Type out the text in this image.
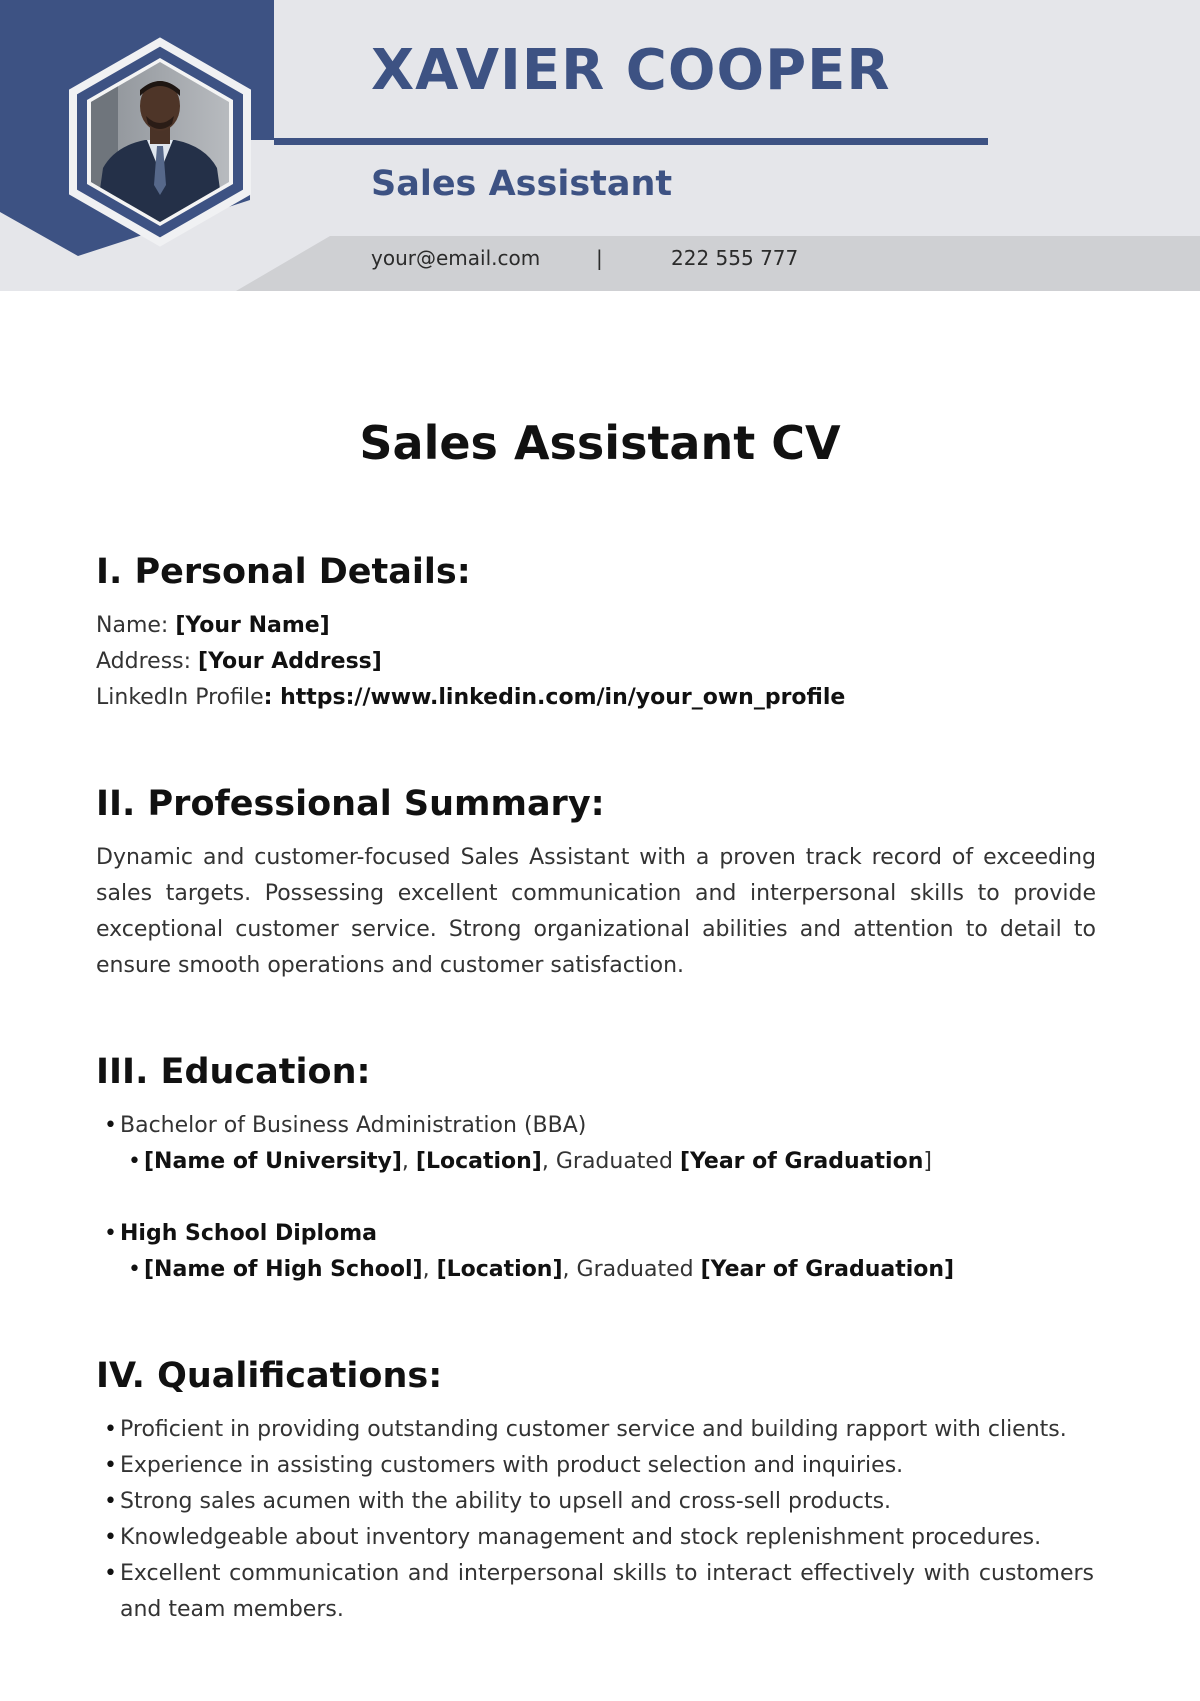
XAVIER COOPER
Sales Assistant
your@email.com	|	222 555 777
Sales Assistant CV
I. Personal Details:

Name: [Your Name]

Address: [Your Address]

LinkedIn Profile: https://www.linkedin.com/in/your_own_profile

II. Professional Summary:

Dynamic and customer-focused Sales Assistant with a proven track record of exceeding sales targets. Possessing excellent communication and interpersonal skills to provide exceptional customer service. Strong organizational abilities and attention to detail to ensure smooth operations and customer satisfaction.

III. Education:
• Bachelor of Business Administration (BBA)
• [Name of University], [Location], Graduated [Year of Graduation]
• High School Diploma
• [Name of High School], [Location], Graduated [Year of Graduation]
IV. Qualifications:
• Proficient in providing outstanding customer service and building rapport with clients.
• Experience in assisting customers with product selection and inquiries.
• Strong sales acumen with the ability to upsell and cross-sell products.
• Knowledgeable about inventory management and stock replenishment procedures.
• Excellent communication and interpersonal skills to interact effectively with customers and team members.
